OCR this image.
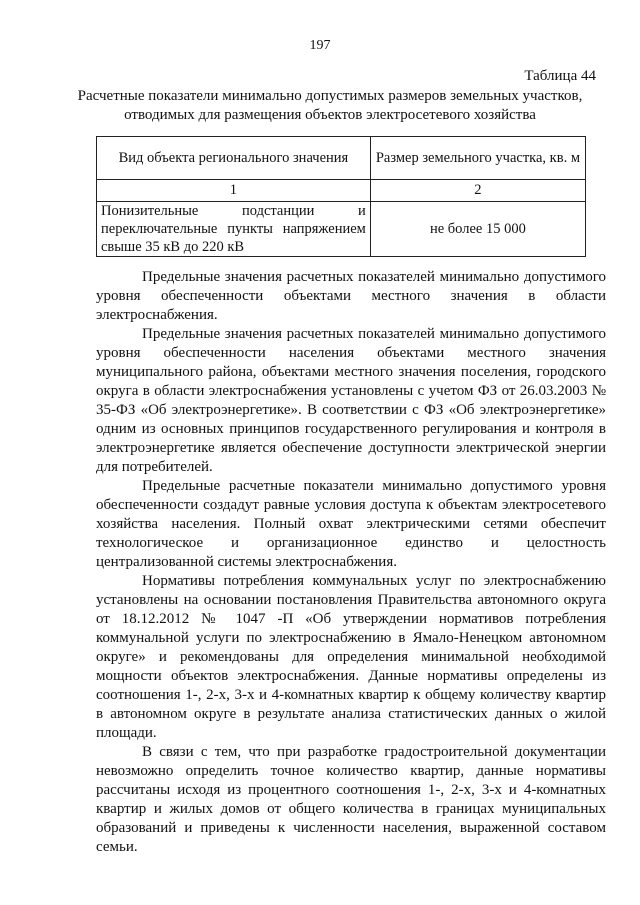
197
Таблица 44
Расчетные показатели минимально допустимых размеров земельных участков, отводимых для размещения объектов электросетевого хозяйства
Вид объекта регионального значения	Размер земельного участка, кв. м
1	2
Понизительные подстанции и переключательные пункты напряжением свыше 35 кВ до 220 кВ	не более 15 000

Предельные значения расчетных показателей минимально допустимого уровня обеспеченности объектами местного значения в области электроснабжения.

Предельные значения расчетных показателей минимально допустимого уровня обеспеченности населения объектами местного значения муниципального района, объектами местного значения поселения, городского округа в области электроснабжения установлены с учетом ФЗ от 26.03.2003 № 35-ФЗ «Об электроэнергетике». В соответствии с ФЗ «Об электроэнергетике» одним из основных принципов государственного регулирования и контроля в электроэнергетике является обеспечение доступности электрической энергии для потребителей.

Предельные расчетные показатели минимально допустимого уровня обеспеченности создадут равные условия доступа к объектам электросетевого хозяйства населения. Полный охват электрическими сетями обеспечит технологическое и организационное единство и целостность централизованной системы электроснабжения.

Нормативы потребления коммунальных услуг по электроснабжению установлены на основании постановления Правительства автономного округа от 18.12.2012 № 1047 -П «Об утверждении нормативов потребления коммунальной услуги по электроснабжению в Ямало-Ненецком автономном округе» и рекомендованы для определения минимальной необходимой мощности объектов электроснабжения. Данные нормативы определены из соотношения 1-, 2-х, 3-х и 4-комнатных квартир к общему количеству квартир в автономном округе в результате анализа статистических данных о жилой площади.

В связи с тем, что при разработке градостроительной документации невозможно определить точное количество квартир, данные нормативы рассчитаны исходя из процентного соотношения 1-, 2-х, 3-х и 4-комнатных квартир и жилых домов от общего количества в границах муниципальных образований и приведены к численности населения, выраженной составом семьи.
